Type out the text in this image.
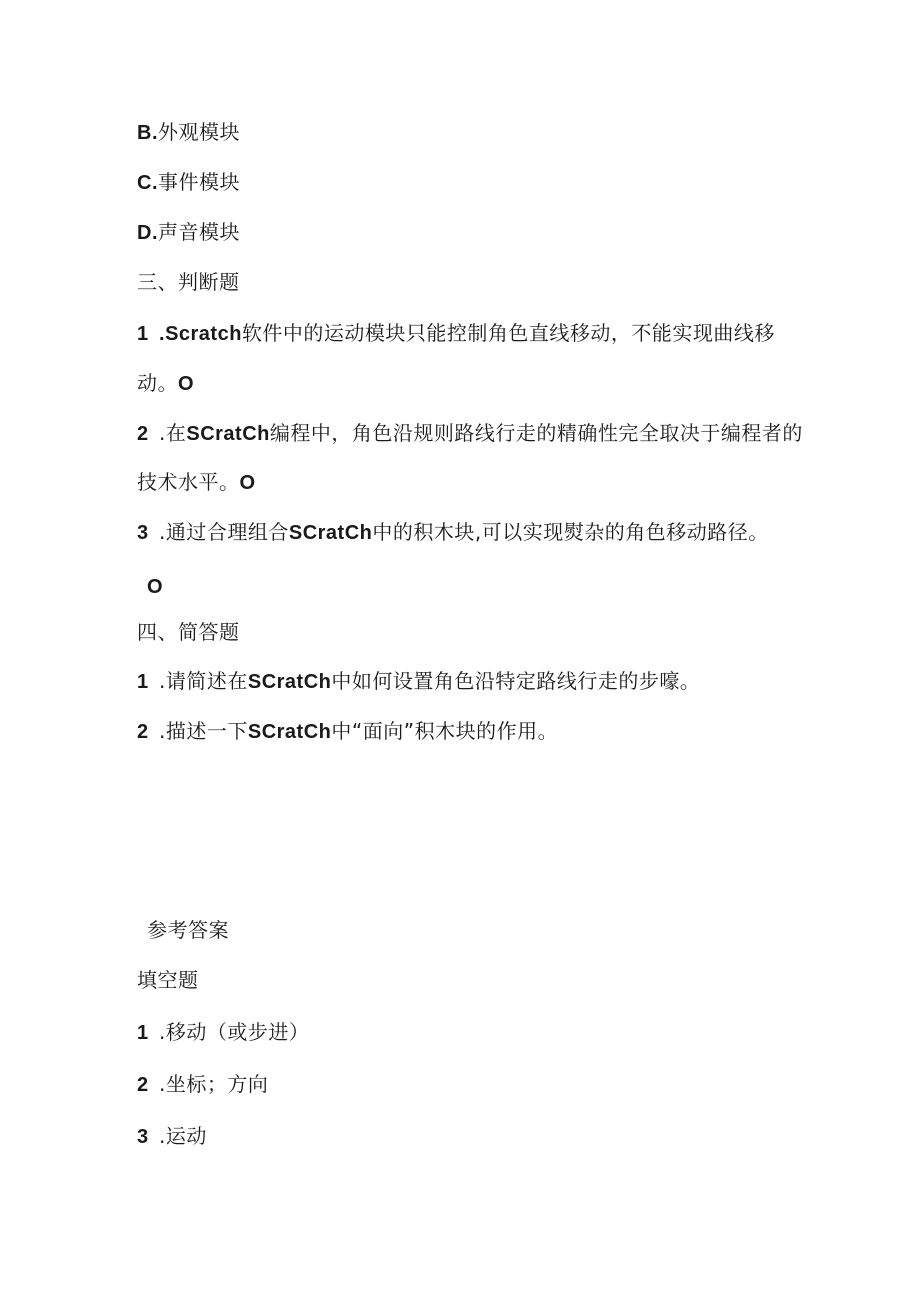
B.外观模块
C.事件模块
D.声音模块
三、判断题
1 .Scratch软件中的运动模块只能控制角色直线移动，不能实现曲线移
动。O
2 .在SCratCh编程中，角色沿规则路线行走的精确性完全取决于编程者的
技术水平。O
3 .通过合理组合SCratCh中的积木块,可以实现熨杂的角色移动路径。
O
四、简答题
1 .请简述在SCratCh中如何设置角色沿特定路线行走的步嚎。
2 .描述一下SCratCh中“面向”积木块的作用。
参考答案
填空题
1 .移动（或步进）
2 .坐标；方向
3 .运动
